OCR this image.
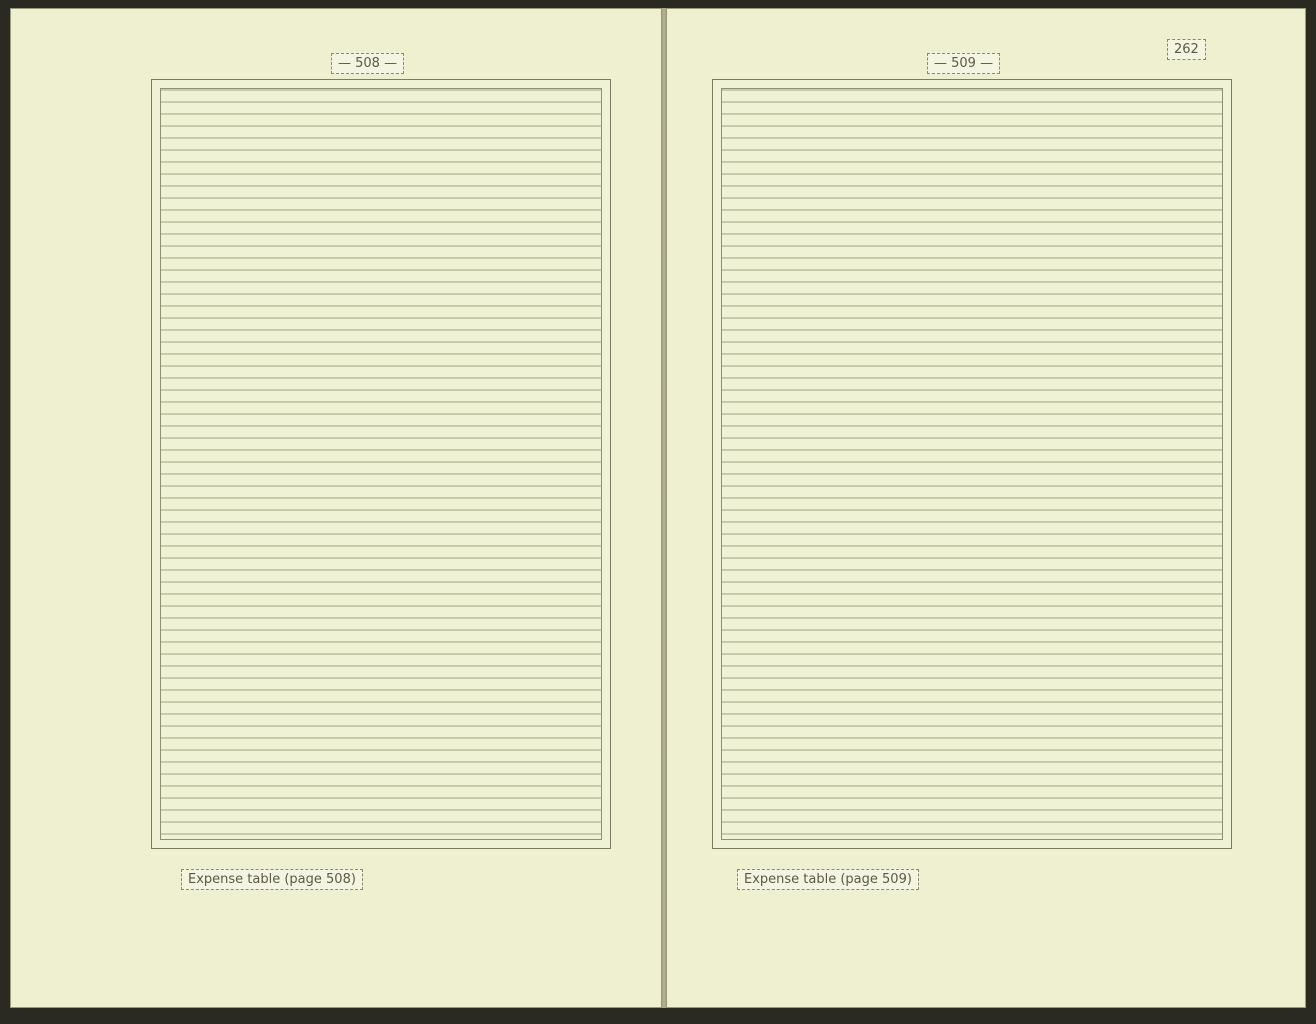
— 508 —
Expense table (page 508)
— 509 —
262
Expense table (page 509)
